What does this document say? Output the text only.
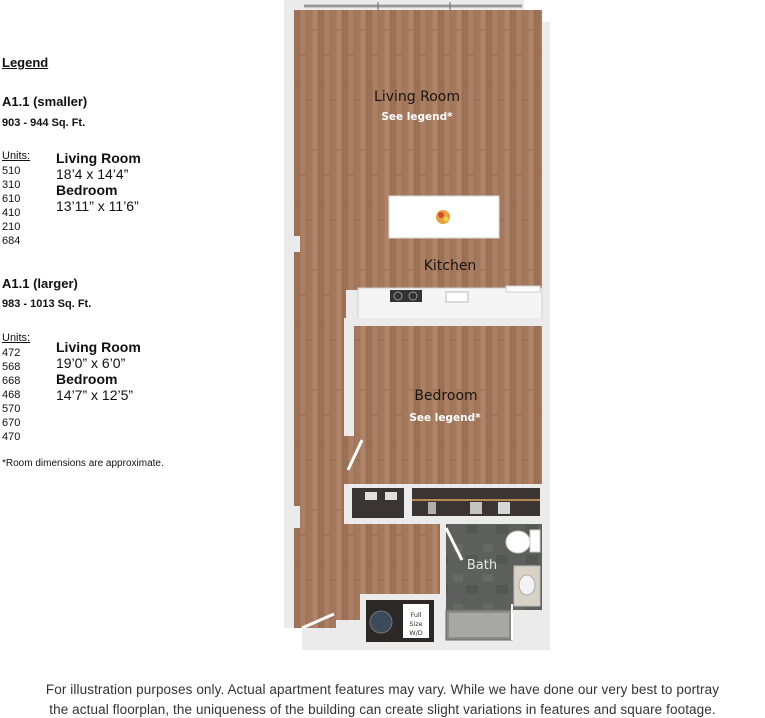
Legend
A1.1 (smaller)
903 - 944 Sq. Ft.
Units:
510
310
610
410
210
684
Living Room
18’4 x 14’4”
Bedroom
13’11” x 11’6”
A1.1 (larger)
983 - 1013 Sq. Ft.
Units:
472
568
668
468
570
670
470
Living Room
19’0” x 6’0”
Bedroom
14’7” x 12’5”
*Room dimensions are approximate.
Living Room
See legend*
Kitchen
Bedroom
See legend*
Bath
Full
Size
W/D
For illustration purposes only. Actual apartment features may vary. While we have done our very best to portray
the actual floorplan, the uniqueness of the building can create slight variations in features and square footage.
